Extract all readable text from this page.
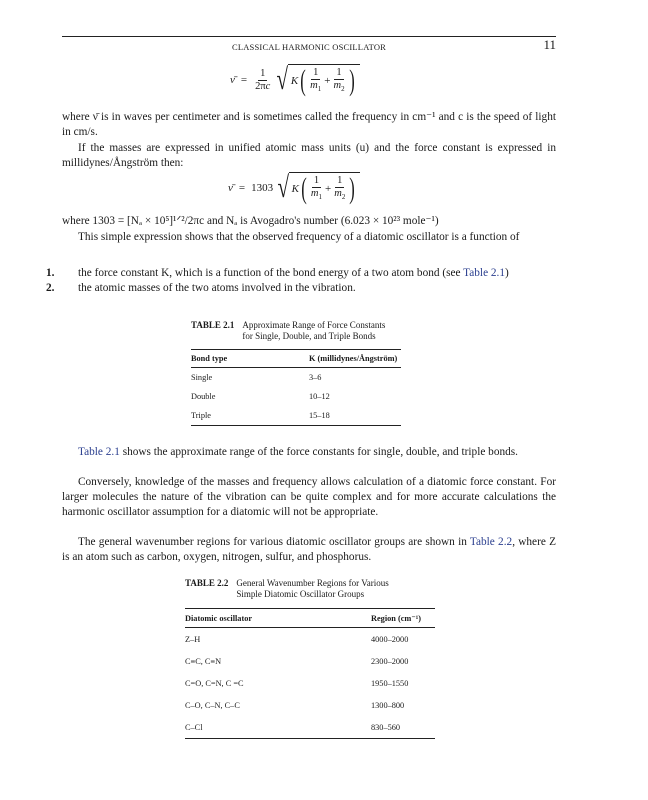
CLASSICAL HARMONIC OSCILLATOR	11
ν̄ = $\frac{1}{2\pi c}$ √ K ( $\frac{1}{m_1} + \frac{1}{m_2}$ )
where ν̄ is in waves per centimeter and is sometimes called the frequency in cm⁻¹ and c is the speed of light in cm/s.
If the masses are expressed in unified atomic mass units (u) and the force constant is expressed in millidynes/Ångström then:
ν̄ = 1303 √ K ( $\frac{1}{m_1} + \frac{1}{m_2}$ )
where 1303 = [Nₐ × 10⁵]¹ᐟ²/2πc and Nₐ is Avogadro's number (6.023 × 10²³ mole⁻¹)
This simple expression shows that the observed frequency of a diatomic oscillator is a function of
1. the force constant K, which is a function of the bond energy of a two atom bond (see Table 2.1)
2. the atomic masses of the two atoms involved in the vibration.
TABLE 2.1 Approximate Range of Force Constants
for Single, Double, and Triple Bonds
Bond type	K (millidynes/Ångström)
Single	3–6
Double	10–12
Triple	15–18

Table 2.1 shows the approximate range of the force constants for single, double, and triple bonds.
Conversely, knowledge of the masses and frequency allows calculation of a diatomic force constant. For larger molecules the nature of the vibration can be quite complex and for more accurate calculations the harmonic oscillator assumption for a diatomic will not be appropriate.
The general wavenumber regions for various diatomic oscillator groups are shown in Table 2.2, where Z is an atom such as carbon, oxygen, nitrogen, sulfur, and phosphorus.
TABLE 2.2 General Wavenumber Regions for Various
Simple Diatomic Oscillator Groups
Diatomic oscillator	Region (cm⁻¹)
Z–H	4000–2000
C≡C, C≡N	2300–2000
C=O, C=N, C =C	1950–1550
C–O, C–N, C–C	1300–800
C–Cl	830–560
